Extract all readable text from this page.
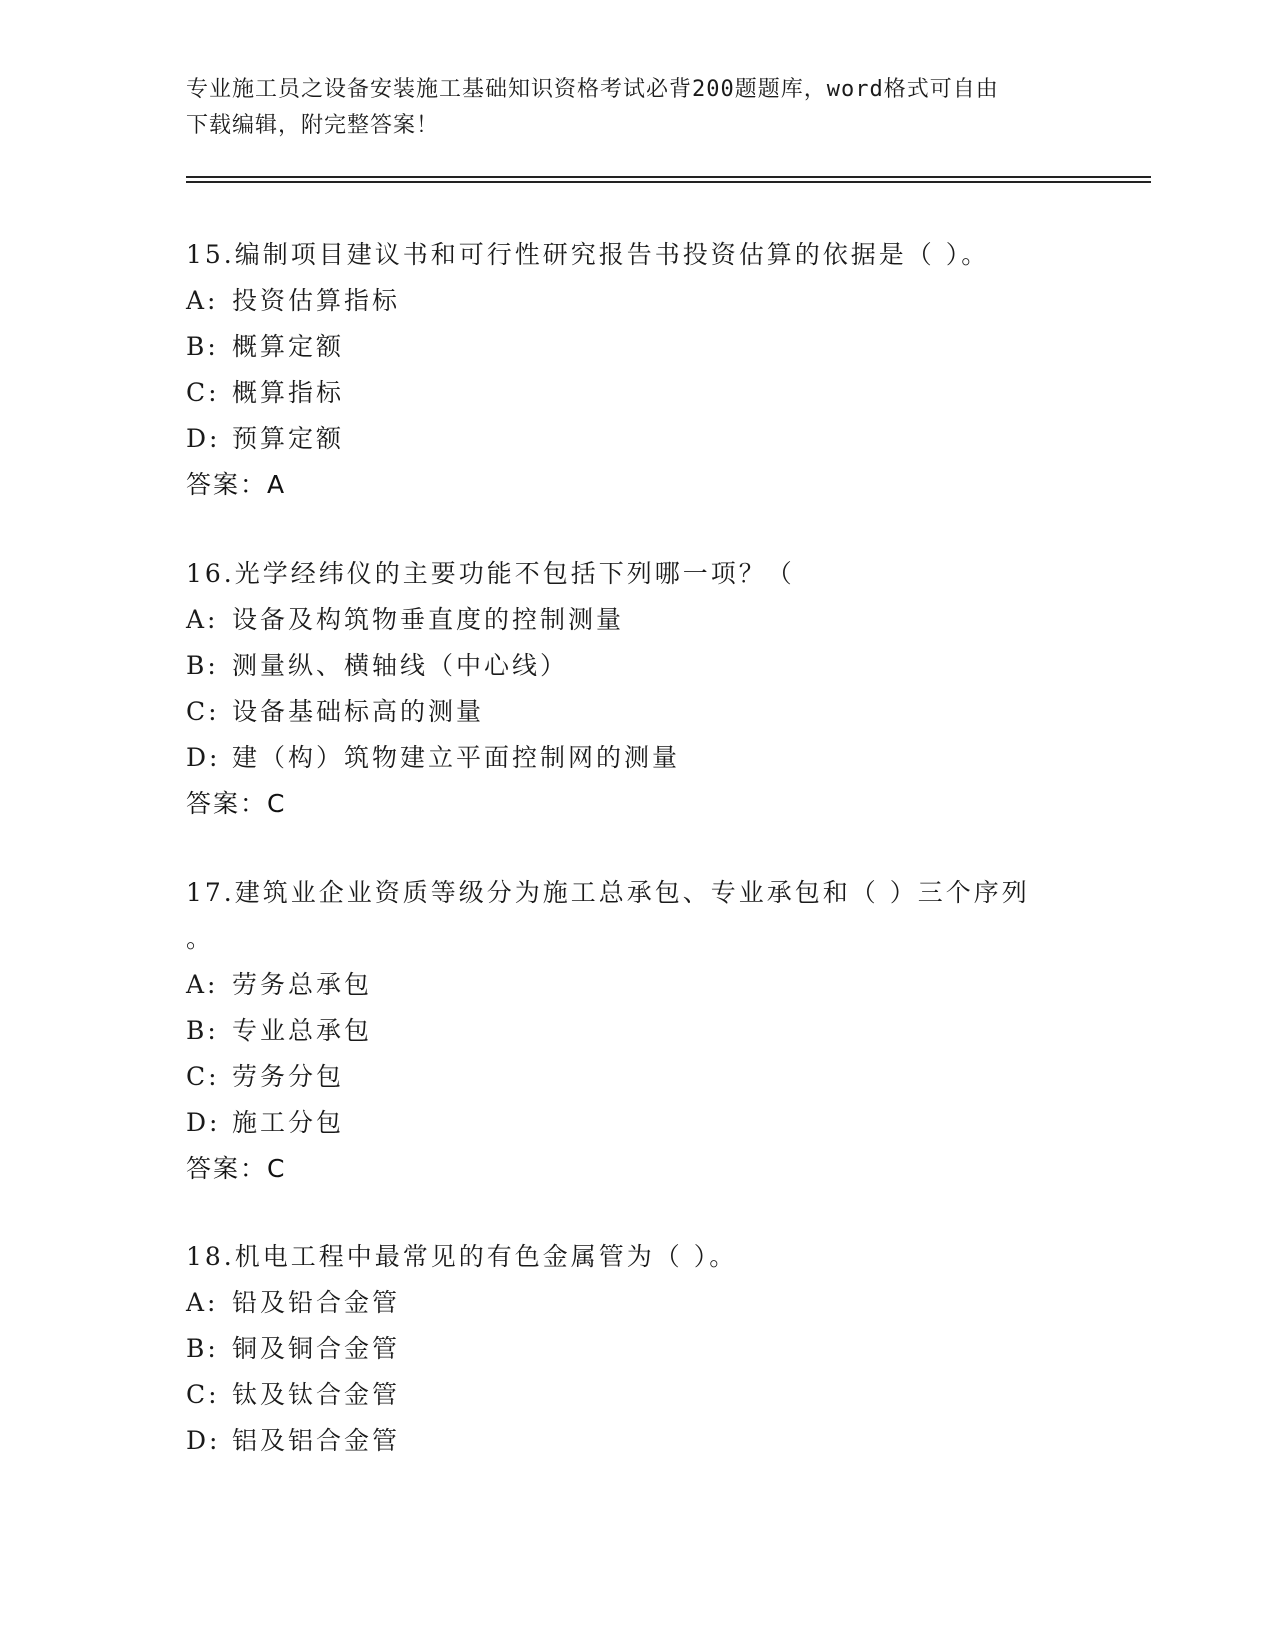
专业施工员之设备安装施工基础知识资格考试必背200题题库，word格式可自由
下载编辑，附完整答案！

15.编制项目建议书和可行性研究报告书投资估算的依据是（ ）。

A: 投资估算指标

B: 概算定额

C: 概算指标

D: 预算定额

答案：A

16.光学经纬仪的主要功能不包括下列哪一项？（

A: 设备及构筑物垂直度的控制测量

B: 测量纵、横轴线（中心线）

C: 设备基础标高的测量

D: 建（构）筑物建立平面控制网的测量

答案：C

17.建筑业企业资质等级分为施工总承包、专业承包和（ ）三个序列

。

A: 劳务总承包

B: 专业总承包

C: 劳务分包

D: 施工分包

答案：C

18.机电工程中最常见的有色金属管为（ ）。

A: 铅及铅合金管

B: 铜及铜合金管

C: 钛及钛合金管

D: 铝及铝合金管
